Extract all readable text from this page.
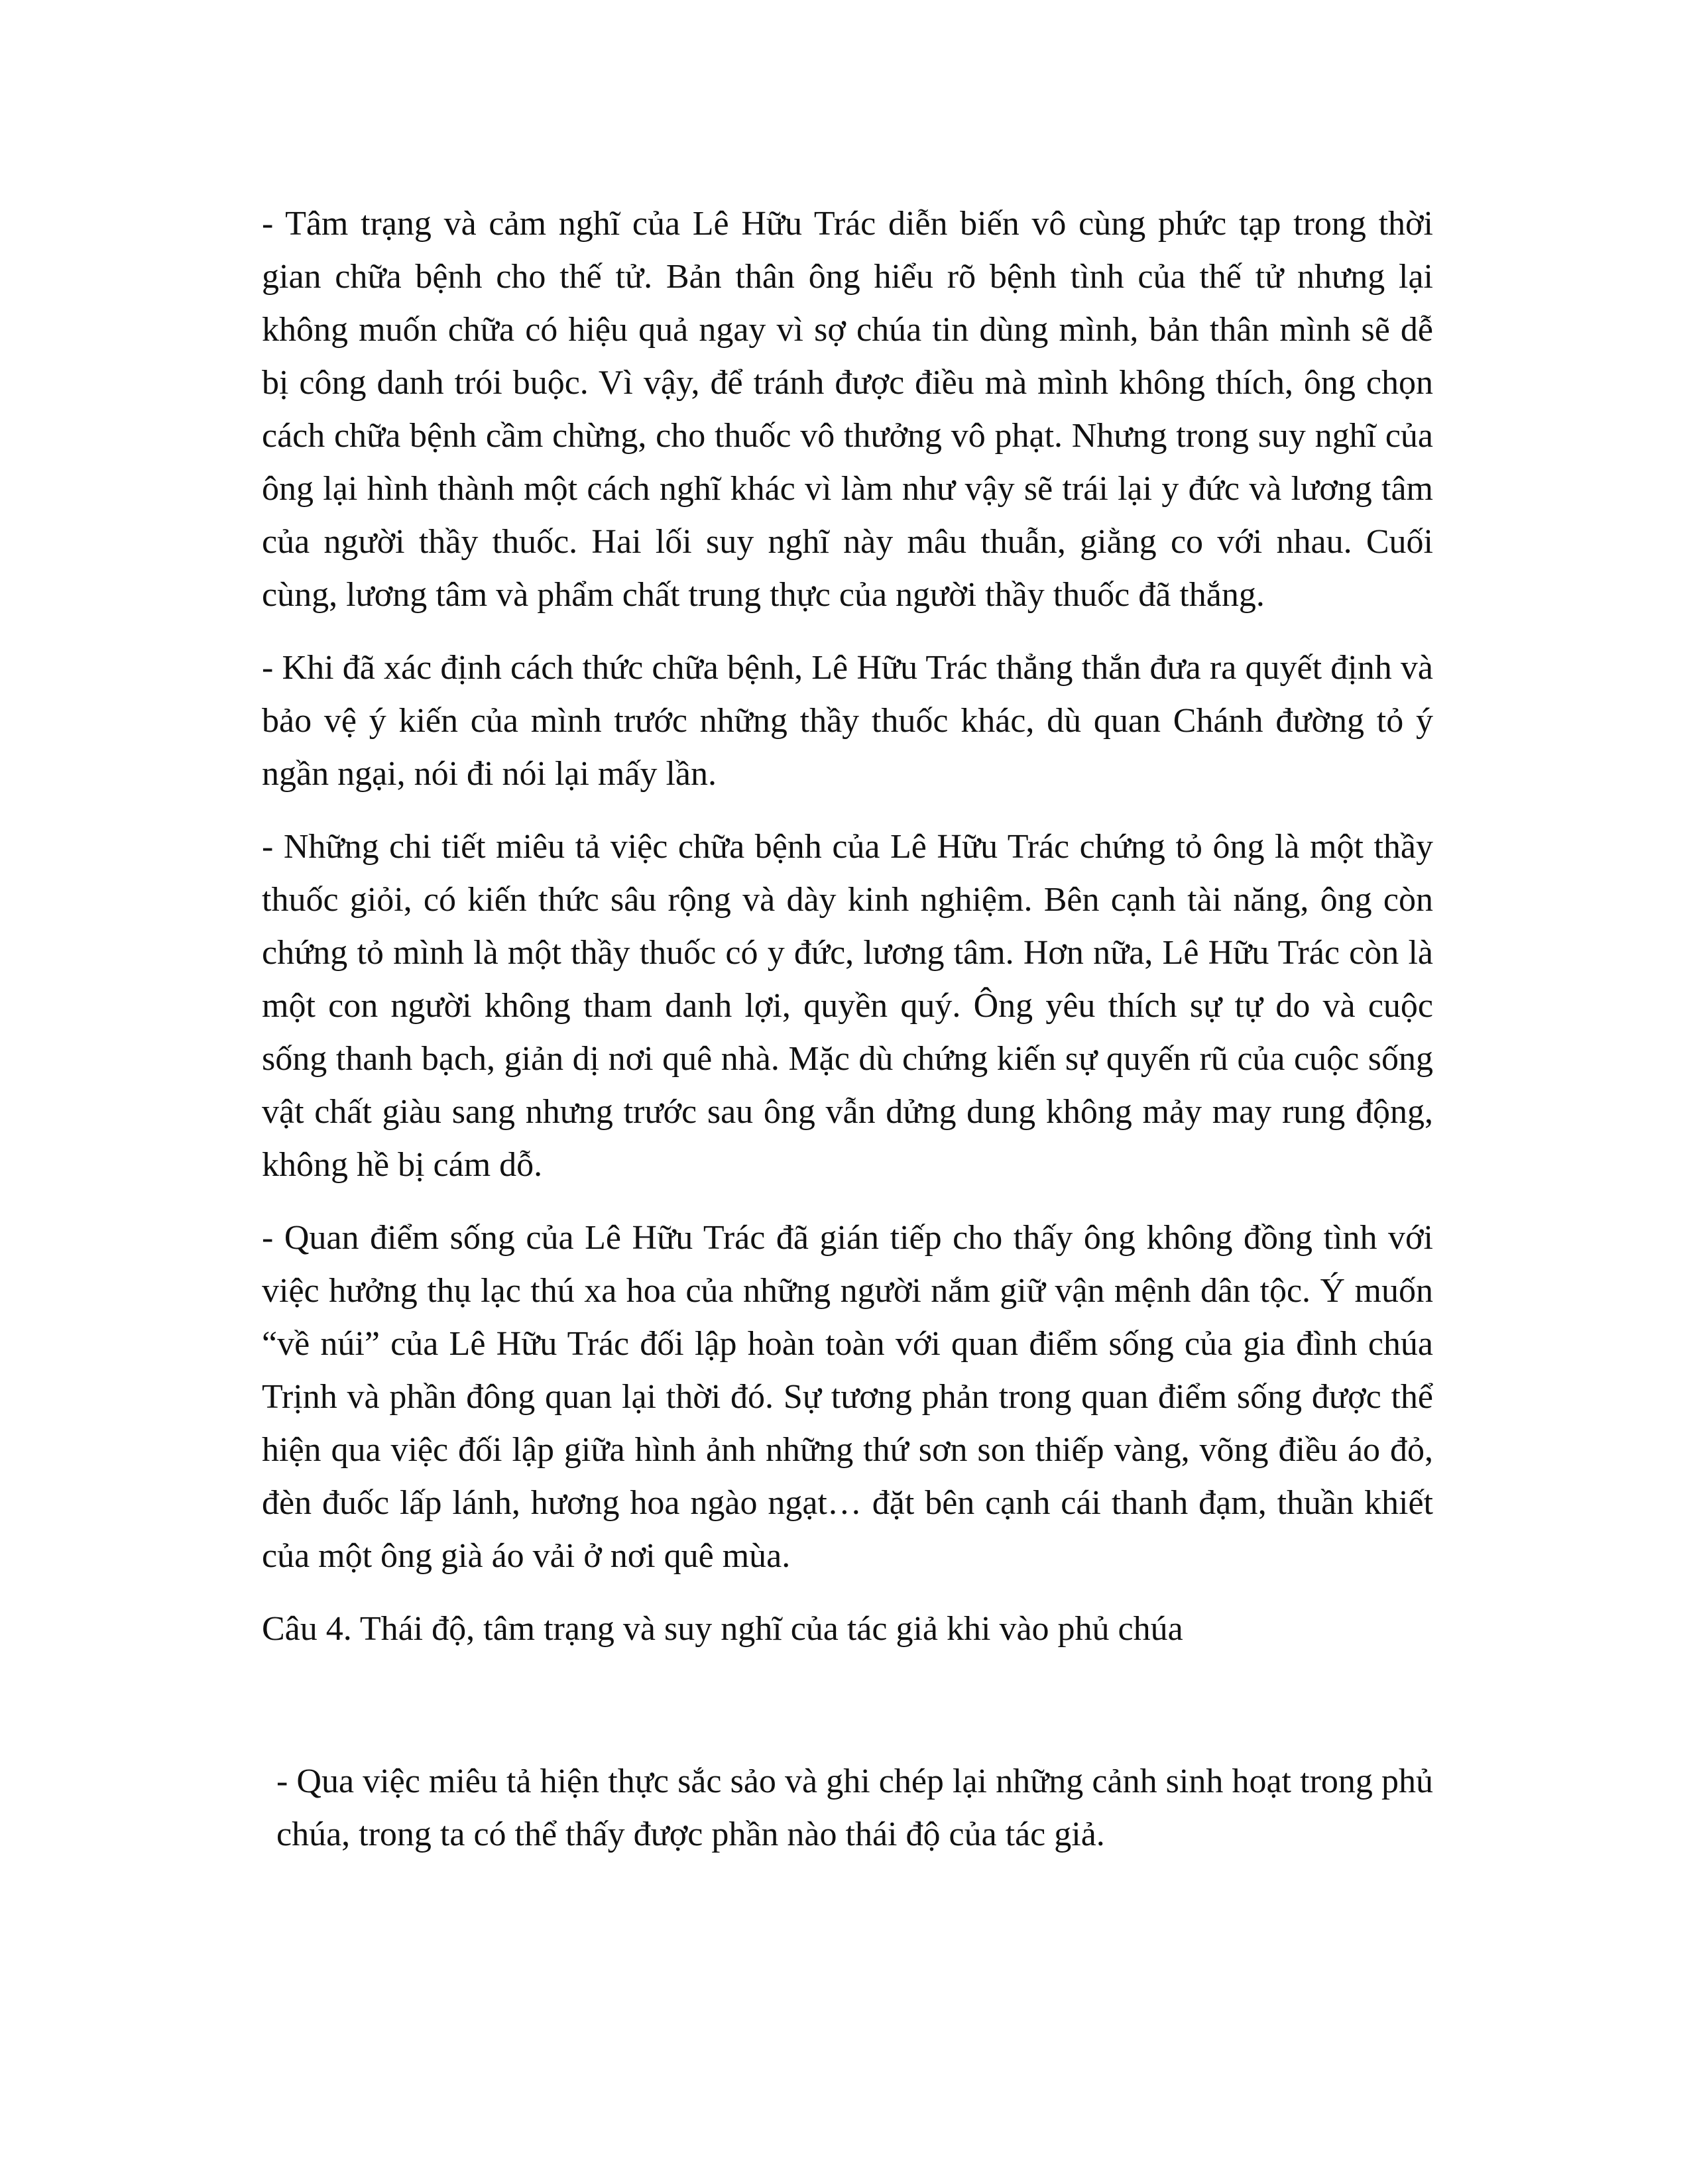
- Tâm trạng và cảm nghĩ của Lê Hữu Trác diễn biến vô cùng phức tạp trong thời gian chữa bệnh cho thế tử. Bản thân ông hiểu rõ bệnh tình của thế tử nhưng lại không muốn chữa có hiệu quả ngay vì sợ chúa tin dùng mình, bản thân mình sẽ dễ bị công danh trói buộc. Vì vậy, để tránh được điều mà mình không thích, ông chọn cách chữa bệnh cầm chừng, cho thuốc vô thưởng vô phạt. Nhưng trong suy nghĩ của ông lại hình thành một cách nghĩ khác vì làm như vậy sẽ trái lại y đức và lương tâm của người thầy thuốc. Hai lối suy nghĩ này mâu thuẫn, giằng co với nhau. Cuối cùng, lương tâm và phẩm chất trung thực của người thầy thuốc đã thắng.

- Khi đã xác định cách thức chữa bệnh, Lê Hữu Trác thẳng thắn đưa ra quyết định và bảo vệ ý kiến của mình trước những thầy thuốc khác, dù quan Chánh đường tỏ ý ngần ngại, nói đi nói lại mấy lần.

- Những chi tiết miêu tả việc chữa bệnh của Lê Hữu Trác chứng tỏ ông là một thầy thuốc giỏi, có kiến thức sâu rộng và dày kinh nghiệm. Bên cạnh tài năng, ông còn chứng tỏ mình là một thầy thuốc có y đức, lương tâm. Hơn nữa, Lê Hữu Trác còn là một con người không tham danh lợi, quyền quý. Ông yêu thích sự tự do và cuộc sống thanh bạch, giản dị nơi quê nhà. Mặc dù chứng kiến sự quyến rũ của cuộc sống vật chất giàu sang nhưng trước sau ông vẫn dửng dung không mảy may rung động, không hề bị cám dỗ.

- Quan điểm sống của Lê Hữu Trác đã gián tiếp cho thấy ông không đồng tình với việc hưởng thụ lạc thú xa hoa của những người nắm giữ vận mệnh dân tộc. Ý muốn “về núi” của Lê Hữu Trác đối lập hoàn toàn với quan điểm sống của gia đình chúa Trịnh và phần đông quan lại thời đó. Sự tương phản trong quan điểm sống được thể hiện qua việc đối lập giữa hình ảnh những thứ sơn son thiếp vàng, võng điều áo đỏ, đèn đuốc lấp lánh, hương hoa ngào ngạt… đặt bên cạnh cái thanh đạm, thuần khiết của một ông già áo vải ở nơi quê mùa.

Câu 4. Thái độ, tâm trạng và suy nghĩ của tác giả khi vào phủ chúa

- Qua việc miêu tả hiện thực sắc sảo và ghi chép lại những cảnh sinh hoạt trong phủ chúa, trong ta có thể thấy được phần nào thái độ của tác giả.
